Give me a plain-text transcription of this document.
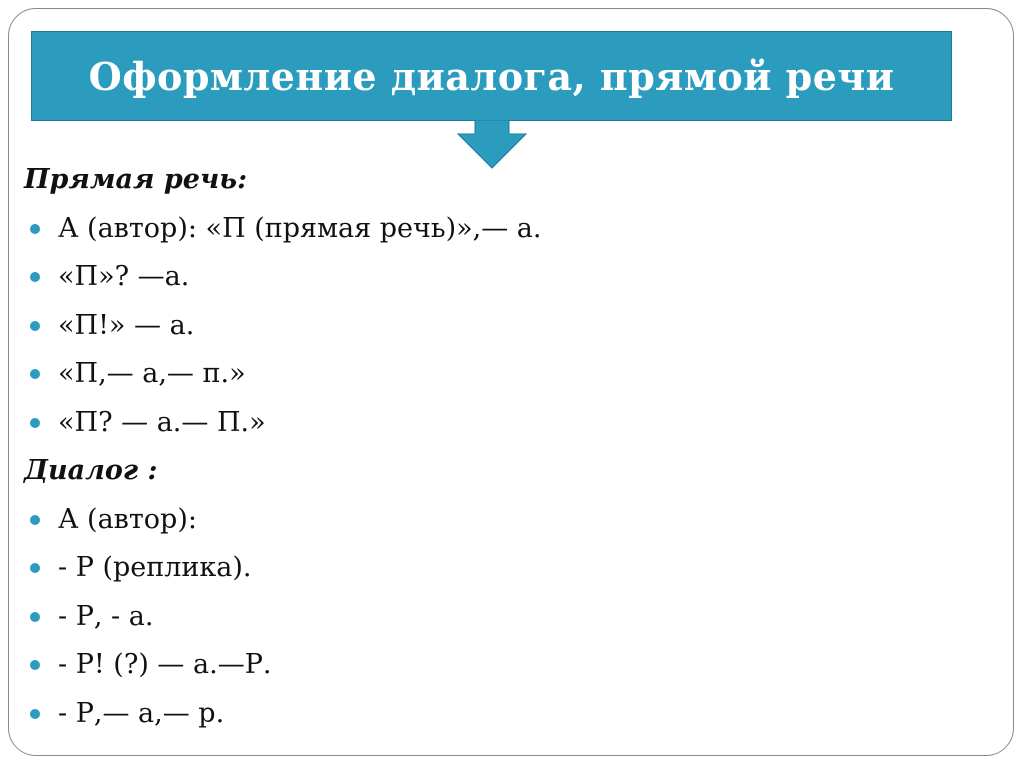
Оформление диалога, прямой речи
Прямая речь:
А (автор): «П (прямая речь)»,— а.
«П»? —а.
«П!» — а.
«П,— а,— п.»
«П? — а.— П.»
Диалог :
А (автор):
- Р (реплика).
- Р, - а.
- Р! (?) — а.—Р.
- Р,— а,— р.
